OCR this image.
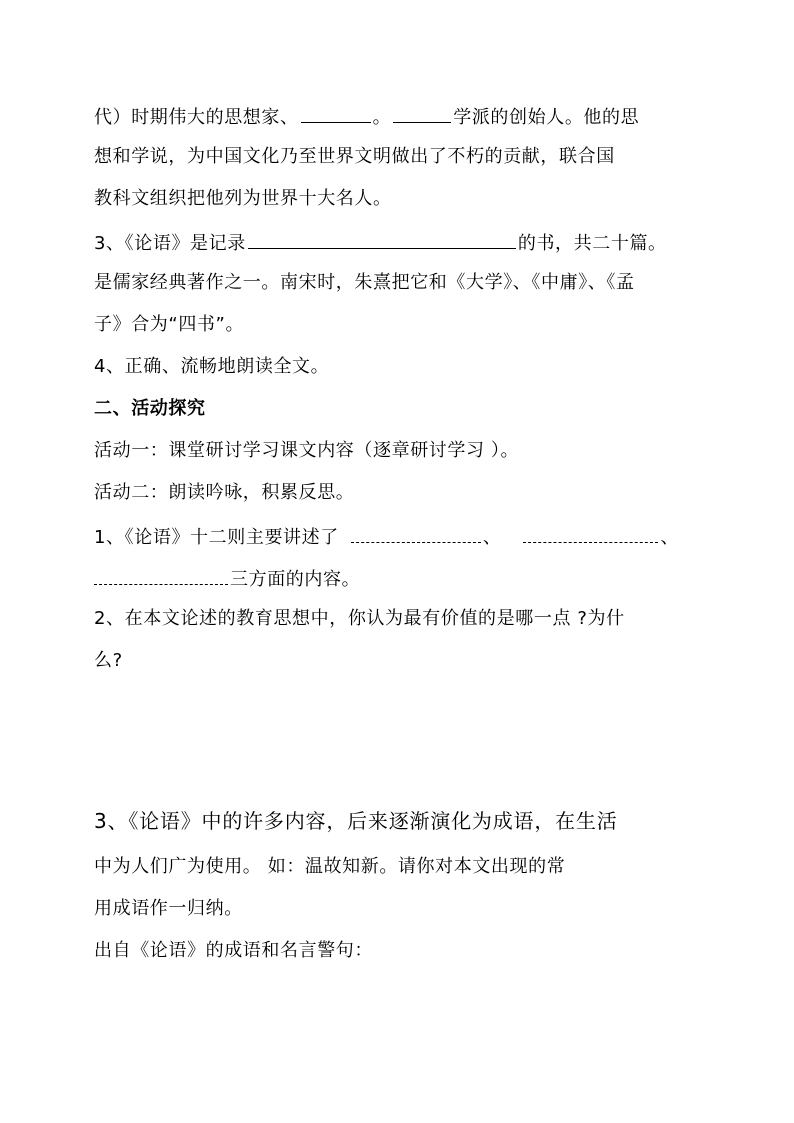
代）时期伟大的思想家、	。	学派的创始人。他的思
想和学说，为中国文化乃至世界文明做出了不朽的贡献，联合国
教科文组织把他列为世界十大名人。
3、《论语》是记录	的书，共二十篇。
是儒家经典著作之一。南宋时，朱熹把它和《大学》、《中庸》、《孟
子》合为“四书”。
4、正确、流畅地朗读全文。
二、活动探究
活动一：课堂研讨学习课文内容（逐章研讨学习 ）。
活动二：朗读吟咏，积累反思。
1、《论语》十二则主要讲述了	、	、
三方面的内容。
2、在本文论述的教育思想中，你认为最有价值的是哪一点 ?为什
么?
3、《论语》中的许多内容，后来逐渐演化为成语，在生活
中为人们广为使用。 如：温故知新。请你对本文出现的常
用成语作一归纳。
出自《论语》的成语和名言警句：
